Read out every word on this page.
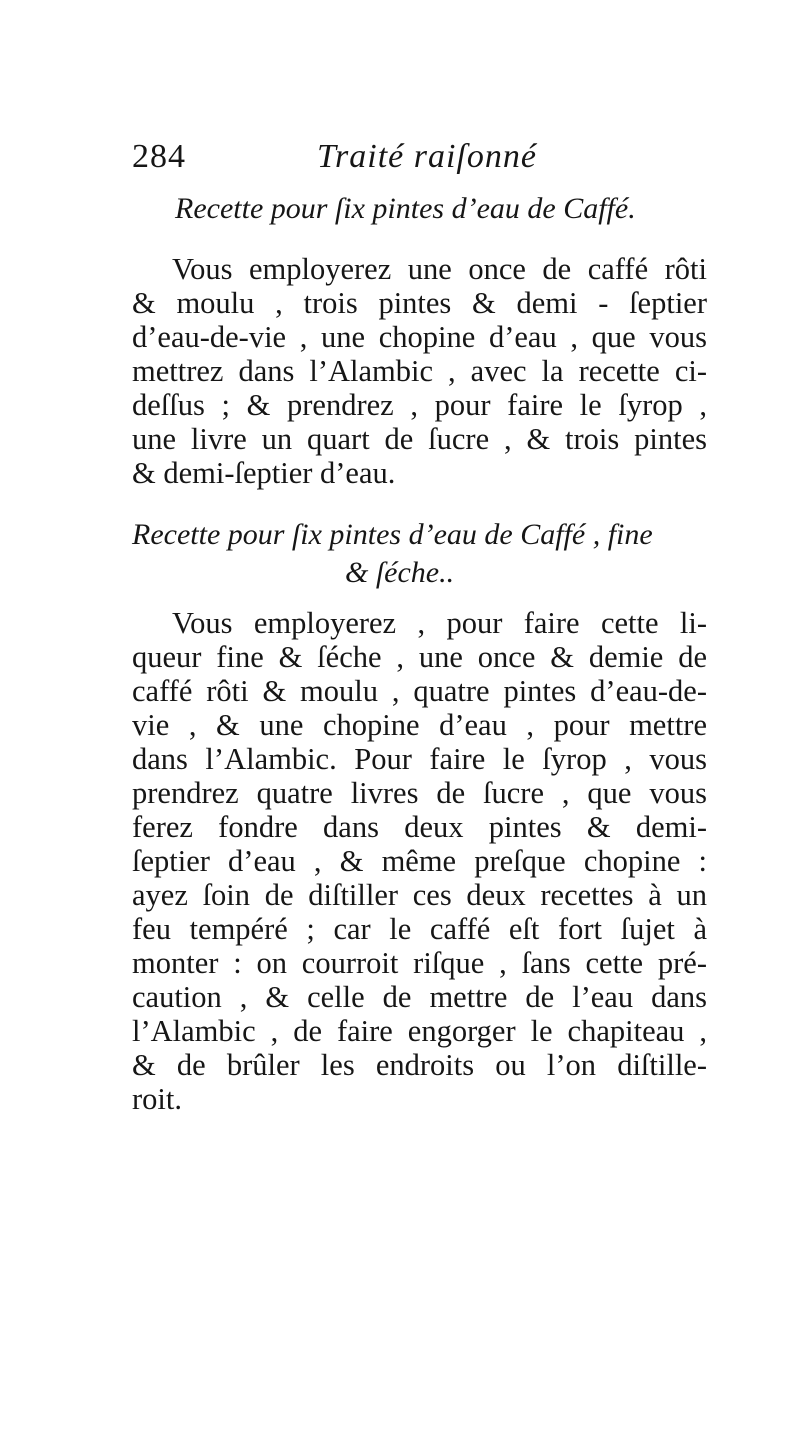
284	Traité raiſonné
Recette pour ſix pintes d’eau de Caffé.
Vous employerez une once de caffé rôti
& moulu , trois pintes & demi - ſeptier
d’eau-de-vie , une chopine d’eau , que vous
mettrez dans l’Alambic , avec la recette ci-
deſſus ; & prendrez , pour faire le ſyrop ,
une livre un quart de ſucre , & trois pintes
& demi-ſeptier d’eau.
Recette pour ſix pintes d’eau de Caffé , fine
& ſéche..
Vous employerez , pour faire cette li-
queur fine & ſéche , une once & demie de
caffé rôti & moulu , quatre pintes d’eau-de-
vie , & une chopine d’eau , pour mettre
dans l’Alambic. Pour faire le ſyrop , vous
prendrez quatre livres de ſucre , que vous
ferez fondre dans deux pintes & demi-
ſeptier d’eau , & même preſque chopine :
ayez ſoin de diſtiller ces deux recettes à un
feu tempéré ; car le caffé eſt fort ſujet à
monter : on courroit riſque , ſans cette pré-
caution , & celle de mettre de l’eau dans
l’Alambic , de faire engorger le chapiteau ,
& de brûler les endroits ou l’on diſtille-
roit.
